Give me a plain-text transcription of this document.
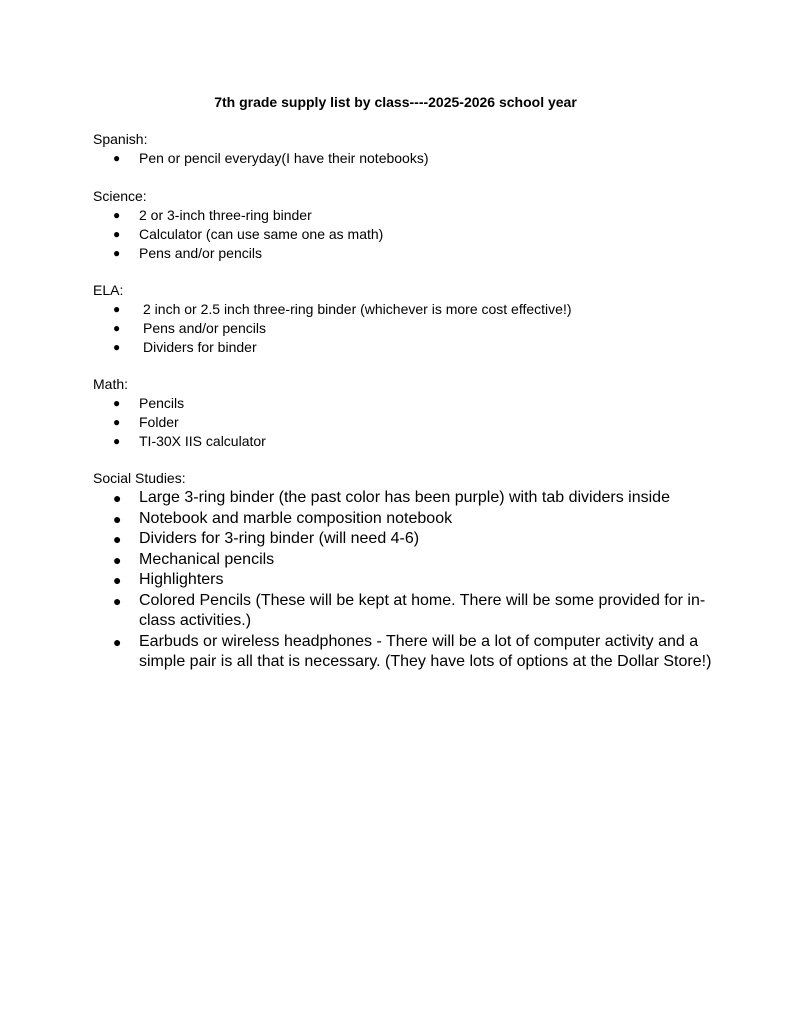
7th grade supply list by class----2025-2026 school year
Spanish:
● Pen or pencil everyday(I have their notebooks)
Science:
● 2 or 3-inch three-ring binder
● Calculator (can use same one as math)
● Pens and/or pencils
ELA:
● 2 inch or 2.5 inch three-ring binder (whichever is more cost effective!)
● Pens and/or pencils
● Dividers for binder
Math:
● Pencils
● Folder
● TI-30X IIS calculator
Social Studies:
● Large 3-ring binder (the past color has been purple) with tab dividers inside
● Notebook and marble composition notebook
● Dividers for 3-ring binder (will need 4-6)
● Mechanical pencils
● Highlighters
● Colored Pencils (These will be kept at home. There will be some provided for in-class activities.)
● Earbuds or wireless headphones - There will be a lot of computer activity and a simple pair is all that is necessary. (They have lots of options at the Dollar Store!)
